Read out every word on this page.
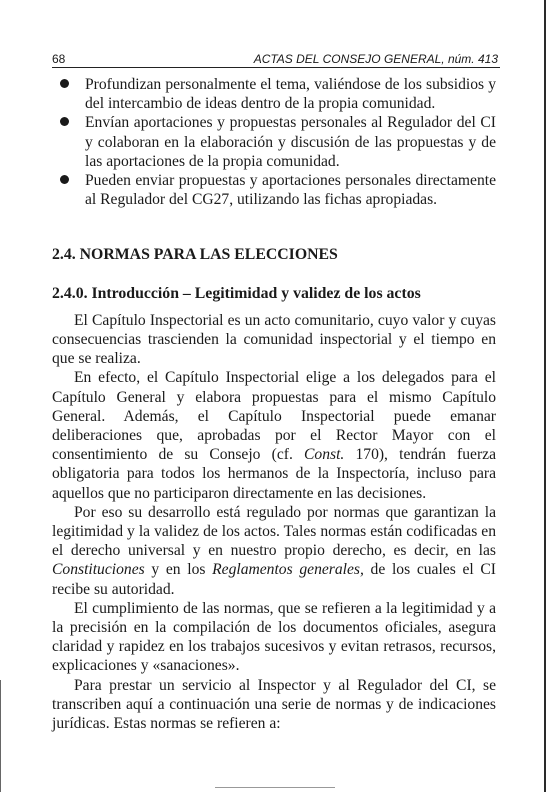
68	ACTAS DEL CONSEJO GENERAL, núm. 413
Profundizan personalmente el tema, valiéndose de los subsidios y del intercambio de ideas dentro de la propia comunidad.
Envían aportaciones y propuestas personales al Regulador del CI y colaboran en la elaboración y discusión de las propuestas y de las aportaciones de la propia comunidad.
Pueden enviar propuestas y aportaciones personales directamente al Regulador del CG27, utilizando las fichas apropiadas.
2.4. NORMAS PARA LAS ELECCIONES
2.4.0. Introducción – Legitimidad y validez de los actos

El Capítulo Inspectorial es un acto comunitario, cuyo valor y cuyas consecuencias trascienden la comunidad inspectorial y el tiempo en que se realiza.

En efecto, el Capítulo Inspectorial elige a los delegados para el Capítulo General y elabora propuestas para el mismo Capítulo General. Además, el Capítulo Inspectorial puede emanar deliberaciones que, aprobadas por el Rector Mayor con el consentimiento de su Consejo (cf. Const. 170), tendrán fuerza obligatoria para todos los hermanos de la Inspectoría, incluso para aquellos que no participaron directamente en las decisiones.

Por eso su desarrollo está regulado por normas que garantizan la legitimidad y la validez de los actos. Tales normas están codificadas en el derecho universal y en nuestro propio derecho, es decir, en las Constituciones y en los Reglamentos generales, de los cuales el CI recibe su autoridad.

El cumplimiento de las normas, que se refieren a la legitimidad y a la precisión en la compilación de los documentos oficiales, asegura claridad y rapidez en los trabajos sucesivos y evitan retrasos, recursos, explicaciones y «sanaciones».

Para prestar un servicio al Inspector y al Regulador del CI, se transcriben aquí a continuación una serie de normas y de indicaciones jurídicas. Estas normas se refieren a:
